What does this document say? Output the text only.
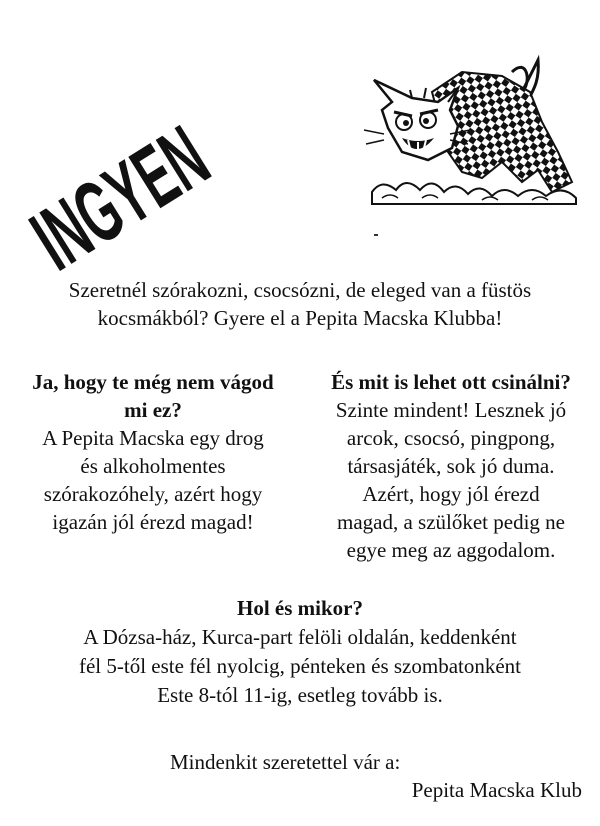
INGYEN
Szeretnél szórakozni, csocsózni, de eleged van a füstös
kocsmákból? Gyere el a Pepita Macska Klubba!
Ja, hogy te még nem vágod
mi ez?

A Pepita Macska egy drog
és alkoholmentes
szórakozóhely, azért hogy
igazán jól érezd magad!

És mit is lehet ott csinálni?

Szinte mindent! Lesznek jó
arcok, csocsó, pingpong,
társasjáték, sok jó duma.
Azért, hogy jól érezd
magad, a szülőket pedig ne
egye meg az aggodalom.

Hol és mikor?

A Dózsa-ház, Kurca-part felöli oldalán, keddenként
fél 5-től este fél nyolcig, pénteken és szombatonként
Este 8-tól 11-ig, esetleg tovább is.

Mindenkit szeretettel vár a:
Pepita Macska Klub
